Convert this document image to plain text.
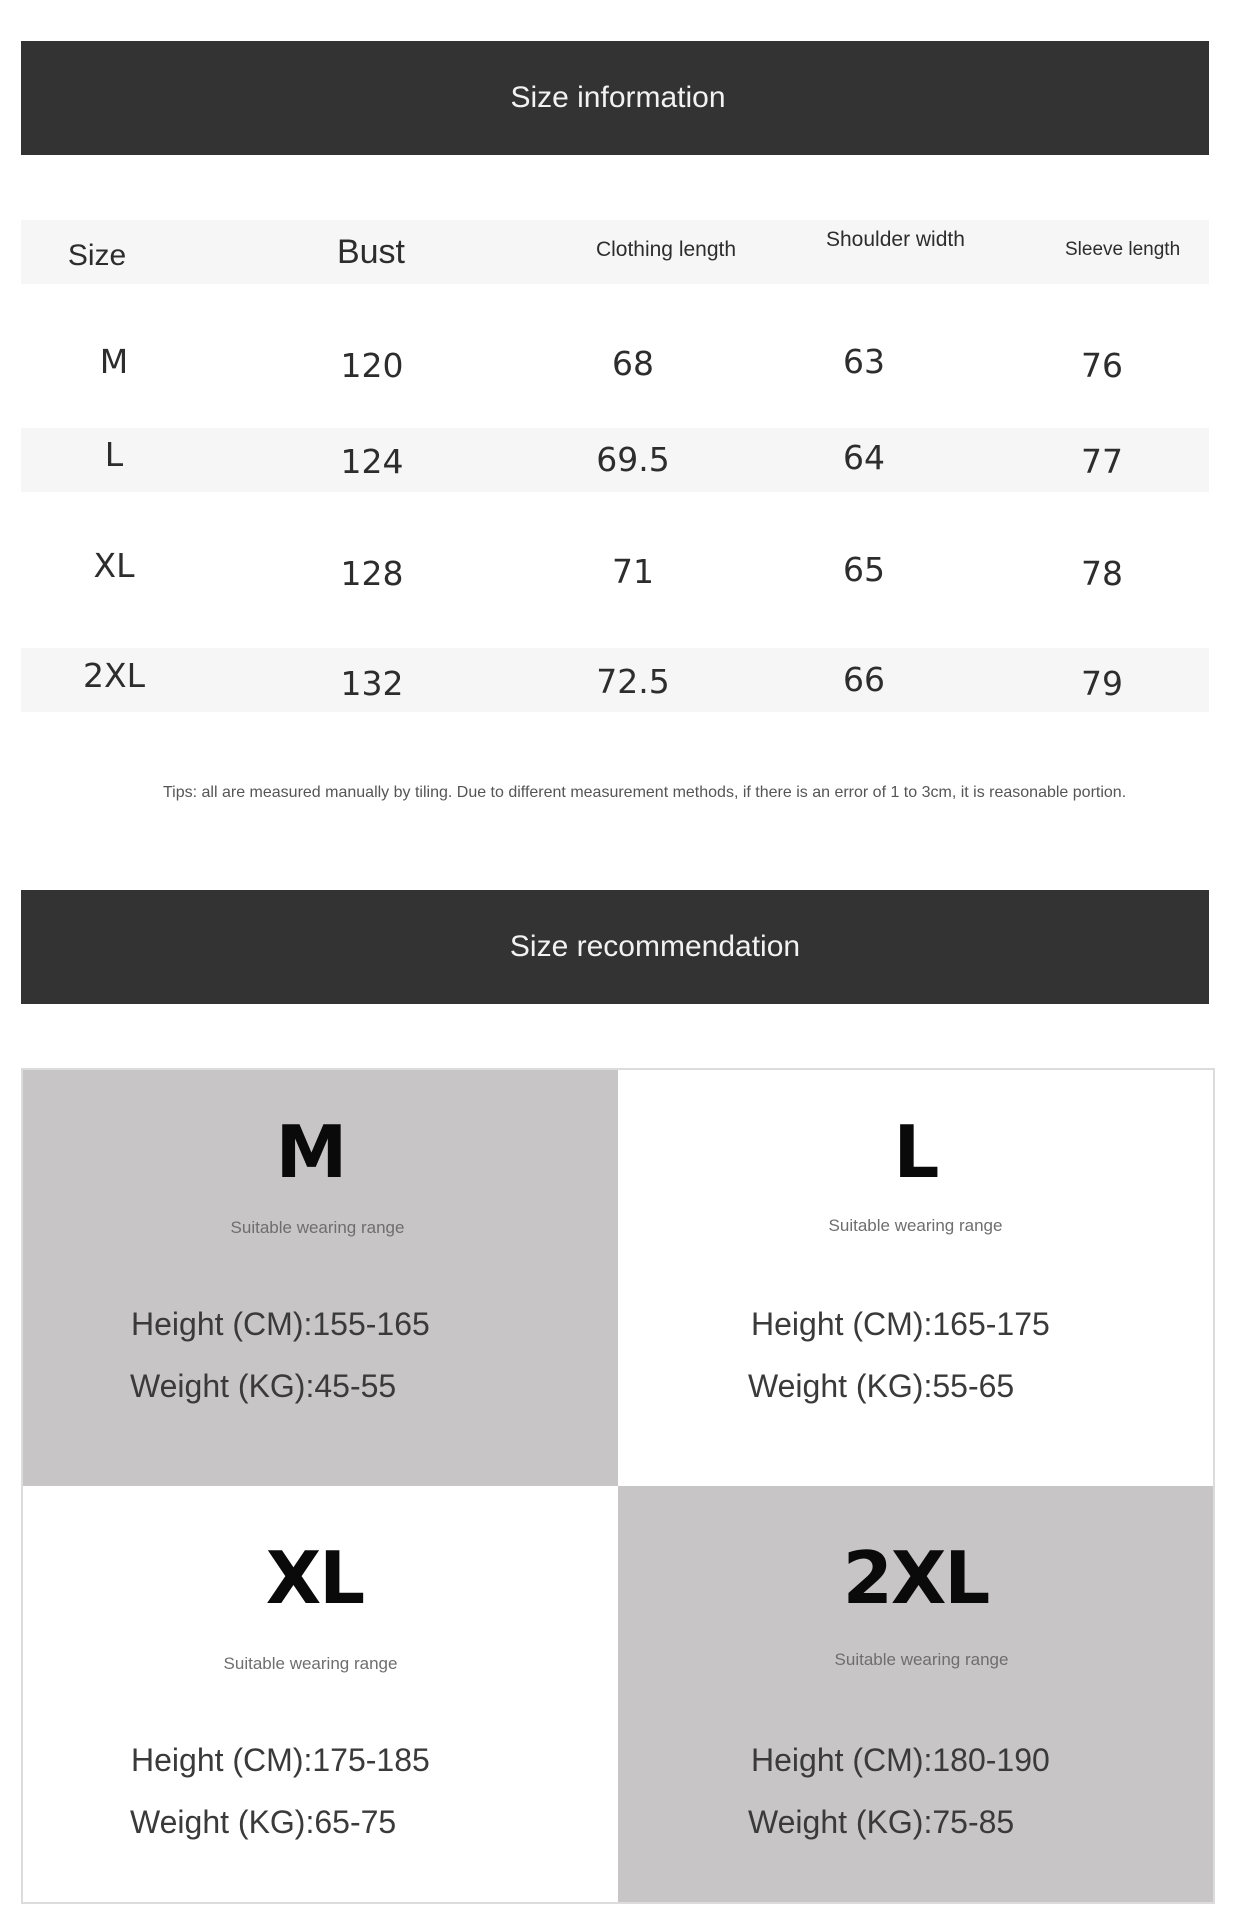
Size information
Size	Bust	Clothing length	Shoulder width	Sleeve length
M	120	68	63	76
L	124	69.5	64	77
XL	128	71	65	78
2XL	132	72.5	66	79
Tips: all are measured manually by tiling. Due to different measurement methods, if there is an error of 1 to 3cm, it is reasonable portion.
Size recommendation
M
Suitable wearing range
Height (CM):155-165
Weight (KG):45-55
L
Suitable wearing range
Height (CM):165-175
Weight (KG):55-65
XL
Suitable wearing range
Height (CM):175-185
Weight (KG):65-75
2XL
Suitable wearing range
Height (CM):180-190
Weight (KG):75-85
